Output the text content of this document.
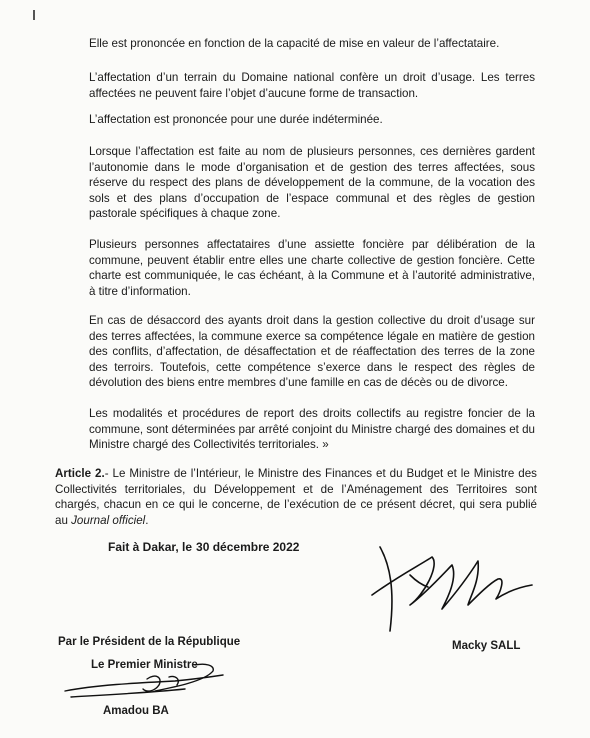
Elle est prononcée en fonction de la capacité de mise en valeur de l’affectataire.

L’affectation d’un terrain du Domaine national confère un droit d’usage. Les terres affectées ne peuvent faire l’objet d’aucune forme de transaction.

L’affectation est prononcée pour une durée indéterminée.

Lorsque l’affectation est faite au nom de plusieurs personnes, ces dernières gardent l’autonomie dans le mode d’organisation et de gestion des terres affectées, sous réserve du respect des plans de développement de la commune, de la vocation des sols et des plans d’occupation de l’espace communal et des règles de gestion pastorale spécifiques à chaque zone.

Plusieurs personnes affectataires d’une assiette foncière par délibération de la commune, peuvent établir entre elles une charte collective de gestion foncière. Cette charte est communiquée, le cas échéant, à la Commune et à l’autorité administrative, à titre d’information.

En cas de désaccord des ayants droit dans la gestion collective du droit d’usage sur des terres affectées, la commune exerce sa compétence légale en matière de gestion des conflits, d’affectation, de désaffectation et de réaffectation des terres de la zone des terroirs. Toutefois, cette compétence s’exerce dans le respect des règles de dévolution des biens entre membres d’une famille en cas de décès ou de divorce.

Les modalités et procédures de report des droits collectifs au registre foncier de la commune, sont déterminées par arrêté conjoint du Ministre chargé des domaines et du Ministre chargé des Collectivités territoriales. »

Article 2.- Le Ministre de l’Intérieur, le Ministre des Finances et du Budget et le Ministre des Collectivités territoriales, du Développement et de l’Aménagement des Territoires sont chargés, chacun en ce qui le concerne, de l’exécution de ce présent décret, qui sera publié au Journal officiel.

Fait à Dakar, le 30 décembre 2022
Par le Président de la République
Le Premier Ministre
Amadou BA
Macky SALL
